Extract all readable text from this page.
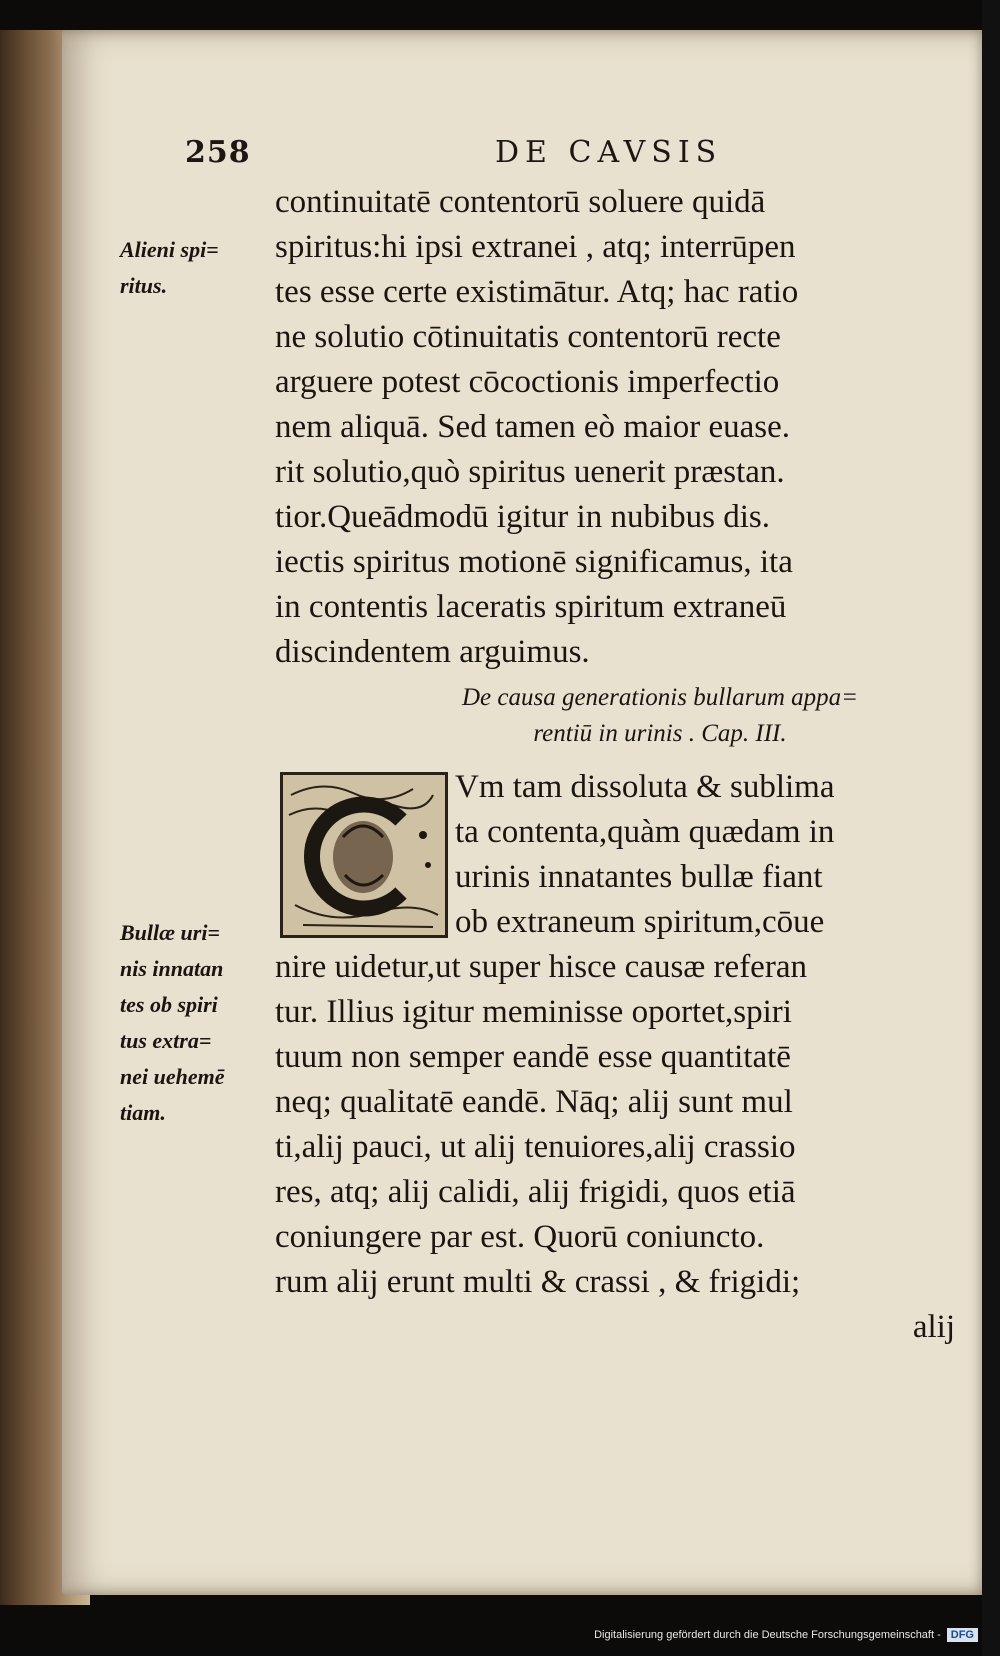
258	DE CAVSIS
Alieni spi=
ritus.
continuitatē contentorū soluere quidā
spiritus:hi ipsi extranei , atq; interrūpen
tes esse certe existimātur. Atq; hac ratio
ne solutio cōtinuitatis contentorū recte
arguere potest cōcoctionis imperfectio
nem aliquā. Sed tamen eò maior euase.
rit solutio,quò spiritus uenerit præstan.
tior.Queādmodū igitur in nubibus dis.
iectis spiritus motionē significamus, ita
in contentis laceratis spiritum extraneū
discindentem arguimus.
De causa generationis bullarum appa=
rentiū in urinis . Cap. III.
Vm tam dissoluta & sublima
ta contenta,quàm quædam in
urinis innatantes bullæ fiant
ob extraneum spiritum,cōue
Bullæ uri=
nis innatan
tes ob spiri
tus extra=
nei uehemē
tiam.
nire uidetur,ut super hisce causæ referan
tur. Illius igitur meminisse oportet,spiri
tuum non semper eandē esse quantitatē
neq; qualitatē eandē. Nāq; alij sunt mul
ti,alij pauci, ut alij tenuiores,alij crassio
res, atq; alij calidi, alij frigidi, quos etiā
coniungere par est. Quorū coniuncto.
rum alij erunt multi & crassi , & frigidi;
alij
Digitalisierung gefördert durch die Deutsche Forschungsgemeinschaft - DFG
